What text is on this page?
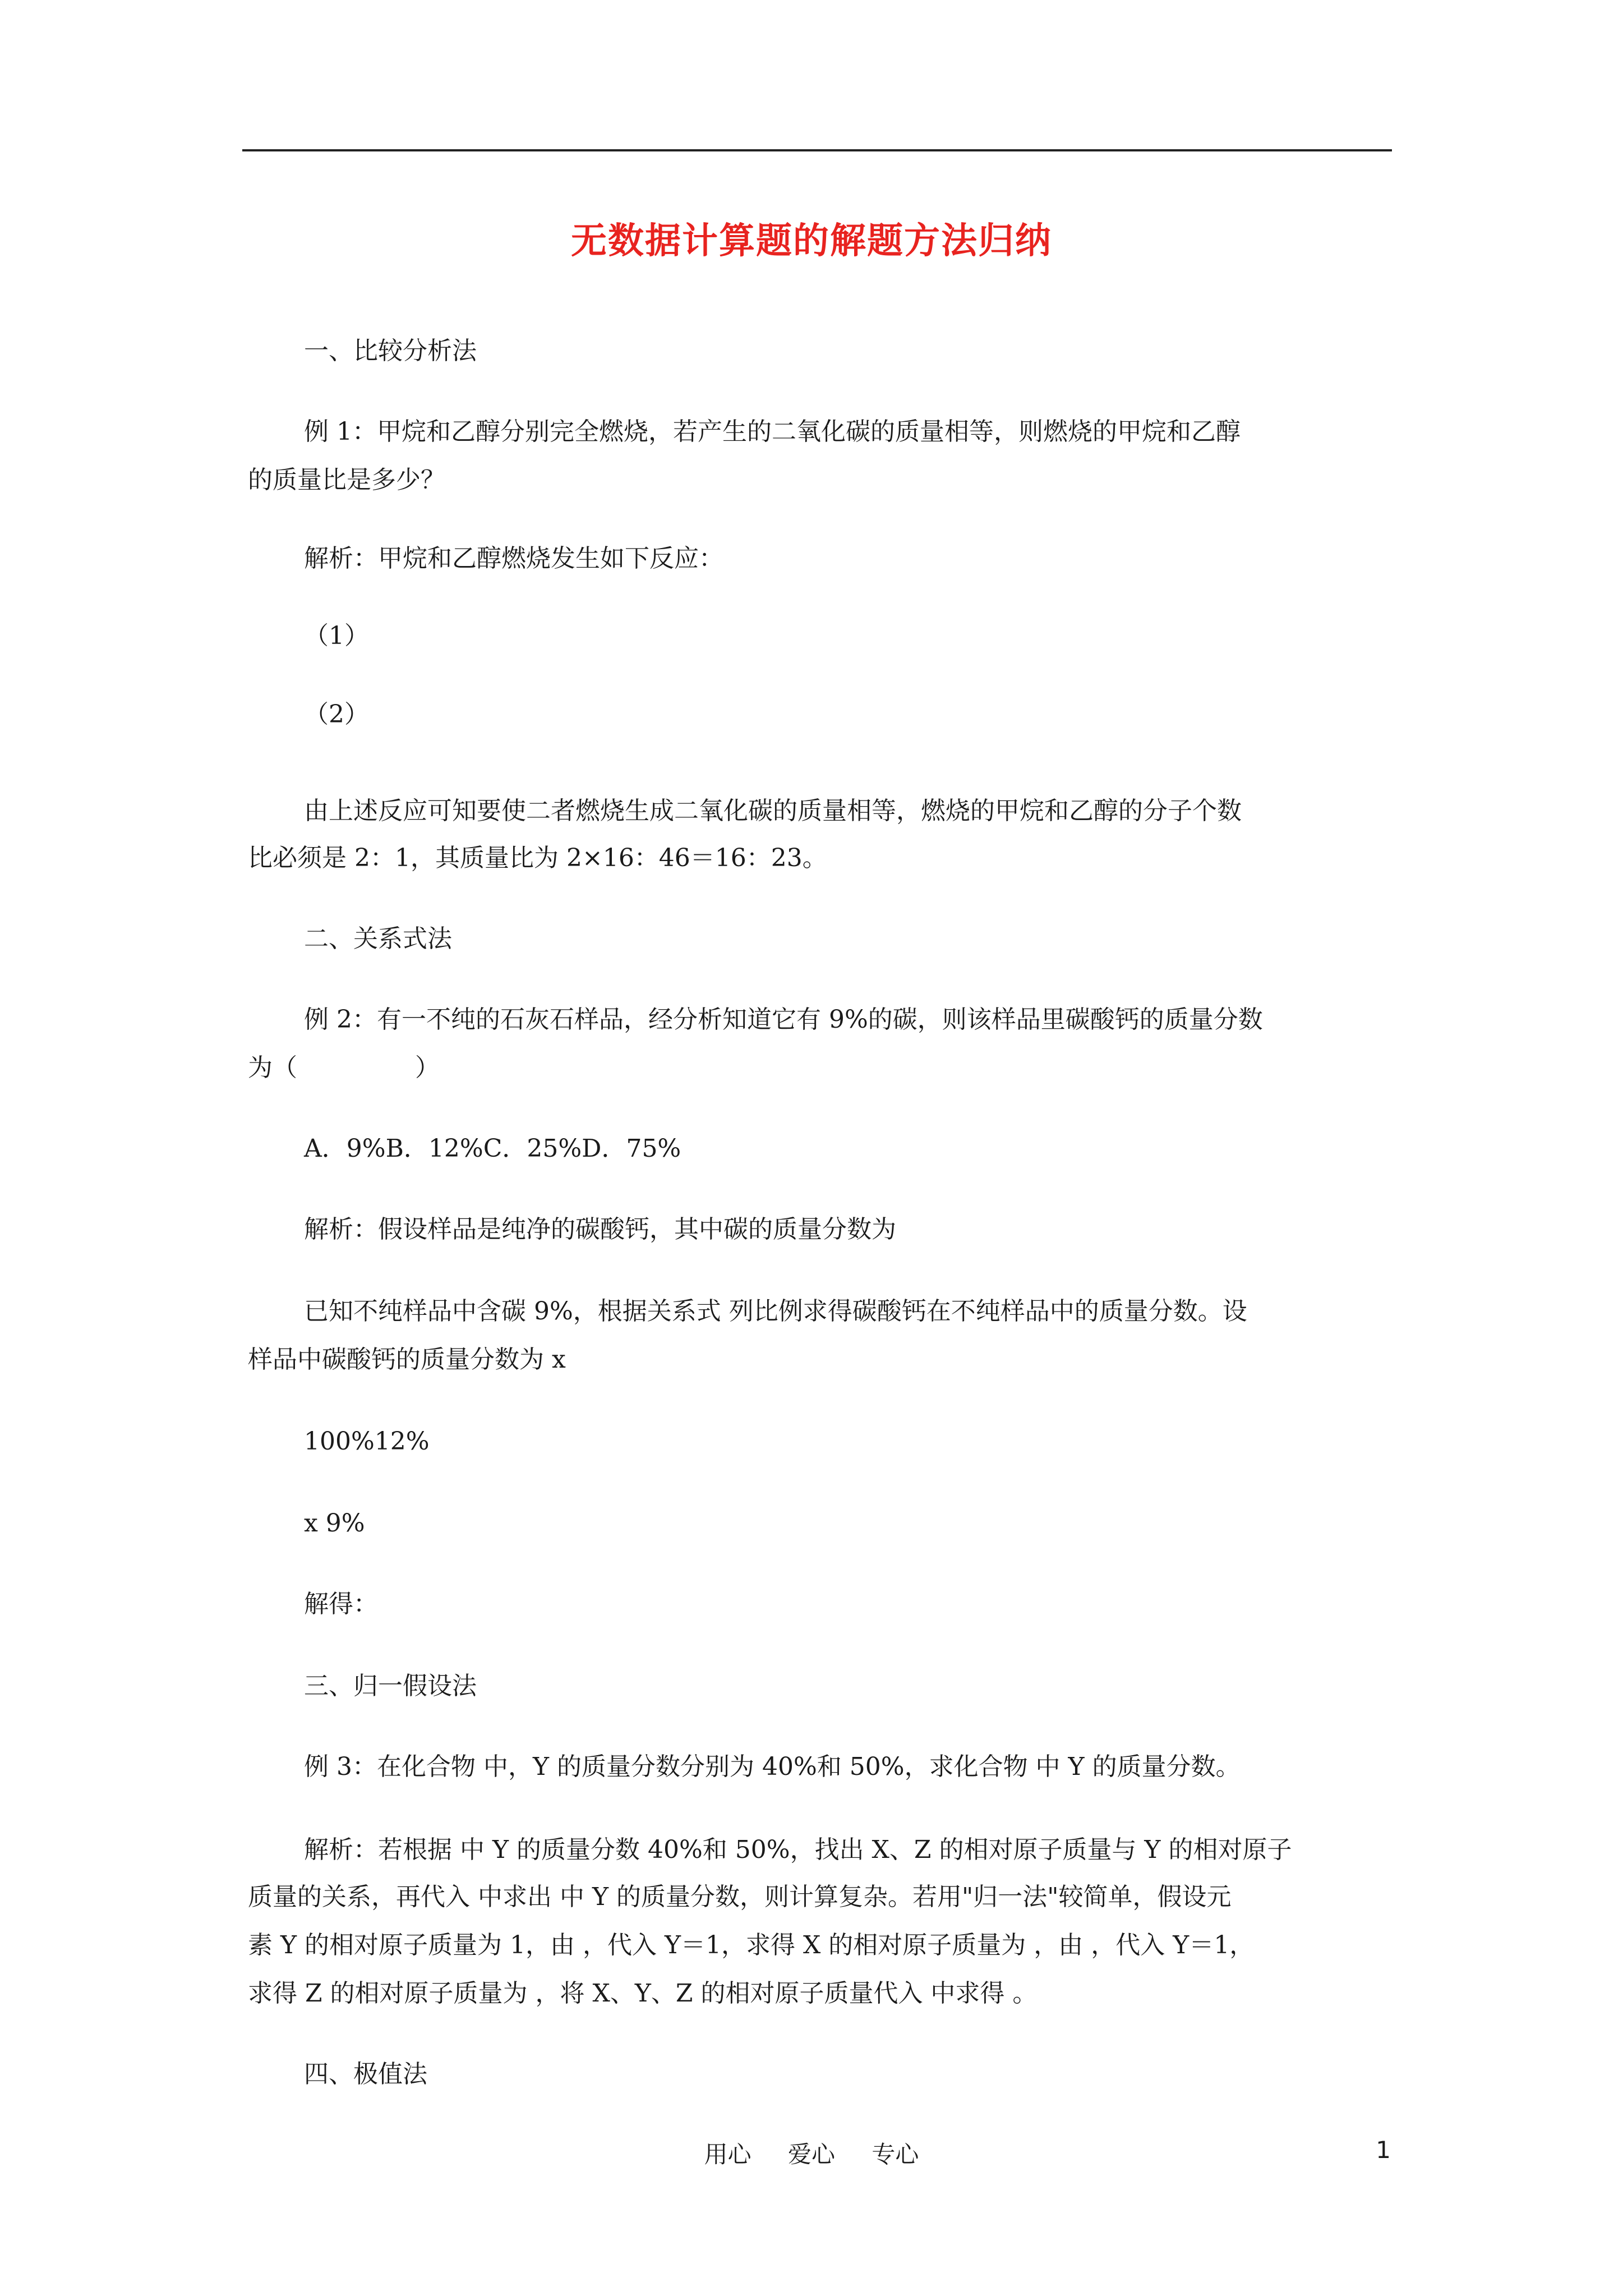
无数据计算题的解题方法归纳
一、比较分析法
例 1：甲烷和乙醇分别完全燃烧，若产生的二氧化碳的质量相等，则燃烧的甲烷和乙醇
的质量比是多少？
解析：甲烷和乙醇燃烧发生如下反应：
（1）
（2）
由上述反应可知要使二者燃烧生成二氧化碳的质量相等，燃烧的甲烷和乙醇的分子个数
比必须是 2：1，其质量比为 2×16：46＝16：23。
二、关系式法
例 2：有一不纯的石灰石样品，经分析知道它有 9%的碳，则该样品里碳酸钙的质量分数
为（	）
A．9%B．12%C．25%D．75%
解析：假设样品是纯净的碳酸钙，其中碳的质量分数为
已知不纯样品中含碳 9%，根据关系式 列比例求得碳酸钙在不纯样品中的质量分数。设
样品中碳酸钙的质量分数为 x
100%12%
x 9%
解得：
三、归一假设法
例 3：在化合物 中，Y 的质量分数分别为 40%和 50%，求化合物 中 Y 的质量分数。
解析：若根据 中 Y 的质量分数 40%和 50%，找出 X、Z 的相对原子质量与 Y 的相对原子
质量的关系，再代入 中求出 中 Y 的质量分数，则计算复杂。若用"归一法"较简单，假设元
素 Y 的相对原子质量为 1，由 ，代入 Y＝1，求得 X 的相对原子质量为 ，由 ，代入 Y＝1，
求得 Z 的相对原子质量为 ，将 X、Y、Z 的相对原子质量代入 中求得 。
四、极值法
用心 爱心 专心	1
